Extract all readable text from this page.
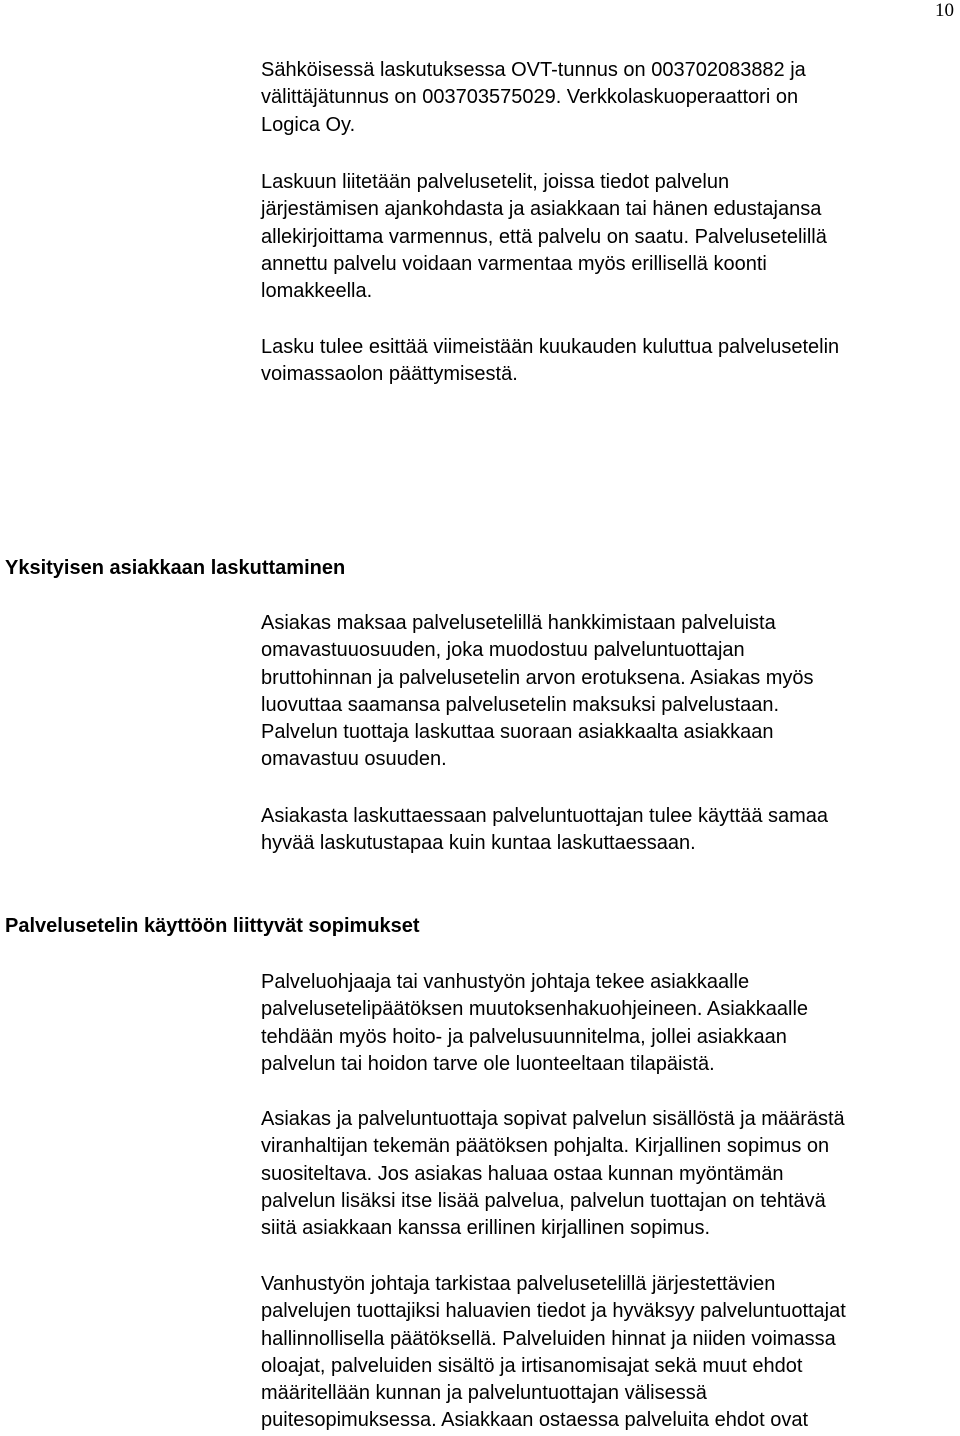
10

Sähköisessä laskutuksessa OVT-tunnus on 003702083882 ja
välittäjätunnus on 003703575029. Verkkolaskuoperaattori on
Logica Oy.

Laskuun liitetään palvelusetelit, joissa tiedot palvelun
järjestämisen ajankohdasta ja asiakkaan tai hänen edustajansa
allekirjoittama varmennus, että palvelu on saatu. Palvelusetelillä
annettu palvelu voidaan varmentaa myös erillisellä koonti
lomakkeella.

Lasku tulee esittää viimeistään kuukauden kuluttua palvelusetelin
voimassaolon päättymisestä.

Yksityisen asiakkaan laskuttaminen

Asiakas maksaa palvelusetelillä hankkimistaan palveluista
omavastuuosuuden, joka muodostuu palveluntuottajan
bruttohinnan ja palvelusetelin arvon erotuksena. Asiakas myös
luovuttaa saamansa palvelusetelin maksuksi palvelustaan.
Palvelun tuottaja laskuttaa suoraan asiakkaalta asiakkaan
omavastuu osuuden.

Asiakasta laskuttaessaan palveluntuottajan tulee käyttää samaa
hyvää laskutustapaa kuin kuntaa laskuttaessaan.

Palvelusetelin käyttöön liittyvät sopimukset

Palveluohjaaja tai vanhustyön johtaja tekee asiakkaalle
palvelusetelipäätöksen muutoksenhakuohjeineen. Asiakkaalle
tehdään myös hoito- ja palvelusuunnitelma, jollei asiakkaan
palvelun tai hoidon tarve ole luonteeltaan tilapäistä.

Asiakas ja palveluntuottaja sopivat palvelun sisällöstä ja määrästä
viranhaltijan tekemän päätöksen pohjalta. Kirjallinen sopimus on
suositeltava. Jos asiakas haluaa ostaa kunnan myöntämän
palvelun lisäksi itse lisää palvelua, palvelun tuottajan on tehtävä
siitä asiakkaan kanssa erillinen kirjallinen sopimus.

Vanhustyön johtaja tarkistaa palvelusetelillä järjestettävien
palvelujen tuottajiksi haluavien tiedot ja hyväksyy palveluntuottajat
hallinnollisella päätöksellä. Palveluiden hinnat ja niiden voimassa
oloajat, palveluiden sisältö ja irtisanomisajat sekä muut ehdot
määritellään kunnan ja palveluntuottajan välisessä
puitesopimuksessa. Asiakkaan ostaessa palveluita ehdot ovat
